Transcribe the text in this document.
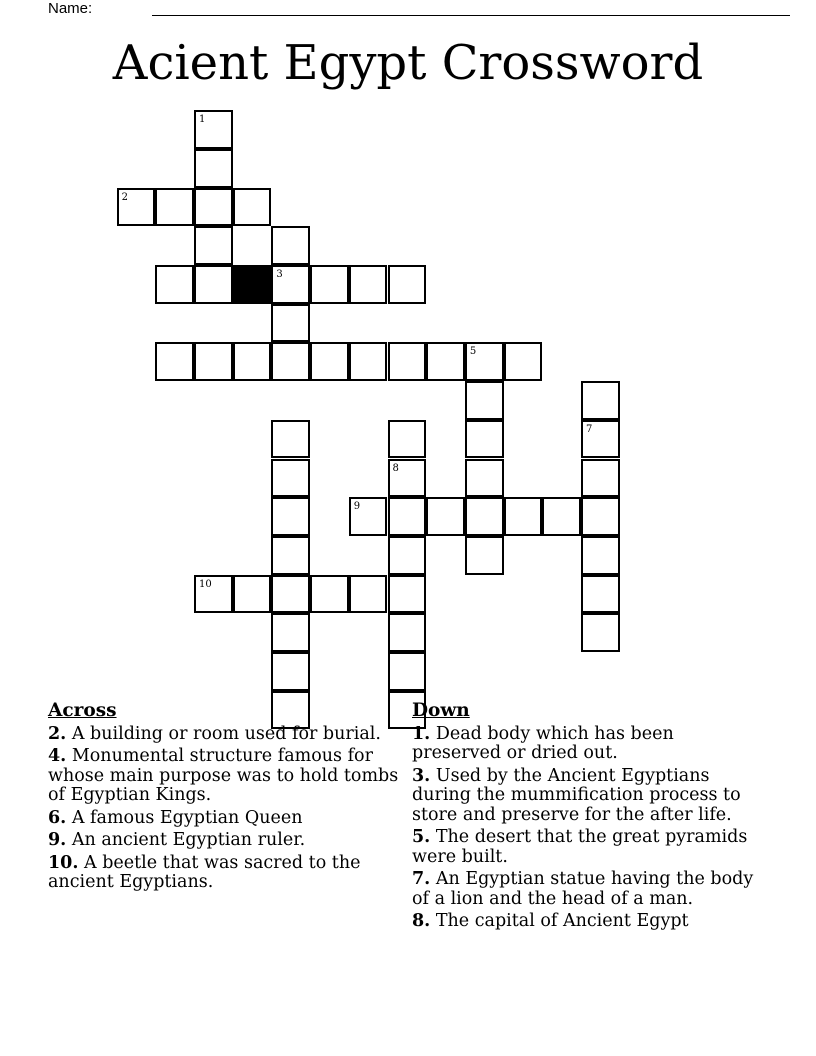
Name:
Acient Egypt Crossword
1
2
3
5
7
8
9
10
Across
2. A building or room used for burial.
4. Monumental structure famous for whose main purpose was to hold tombs of Egyptian Kings.
6. A famous Egyptian Queen
9. An ancient Egyptian ruler.
10. A beetle that was sacred to the ancient Egyptians.
Down
1. Dead body which has been preserved or dried out.
3. Used by the Ancient Egyptians during the mummification process to store and preserve for the after life.
5. The desert that the great pyramids were built.
7. An Egyptian statue having the body of a lion and the head of a man.
8. The capital of Ancient Egypt
